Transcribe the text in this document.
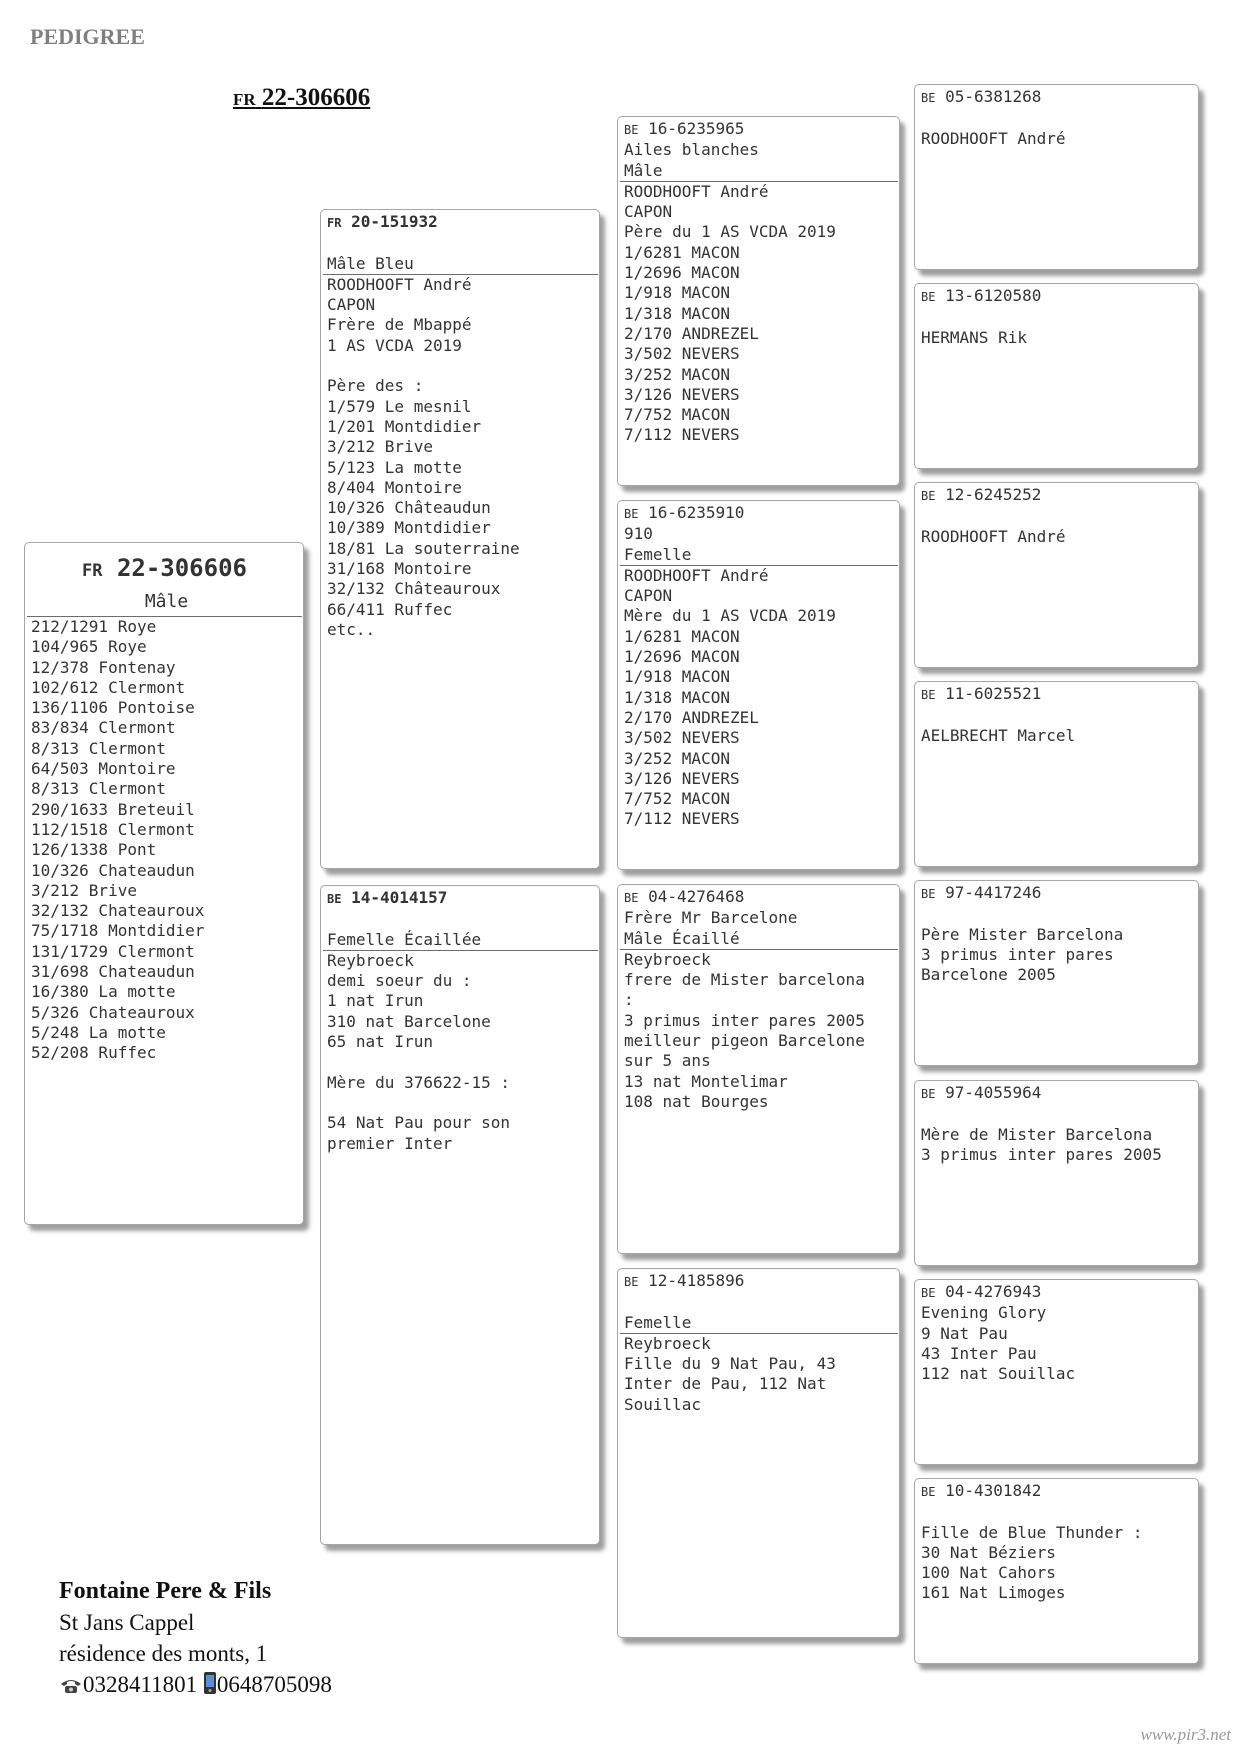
PEDIGREE
FR 22-306606
FR 22-306606
Mâle
212/1291 Roye
104/965 Roye
12/378 Fontenay
102/612 Clermont
136/1106 Pontoise
83/834 Clermont
8/313 Clermont
64/503 Montoire
8/313 Clermont
290/1633 Breteuil
112/1518 Clermont
126/1338 Pont
10/326 Chateaudun
3/212 Brive
32/132 Chateauroux
75/1718 Montdidier
131/1729 Clermont
31/698 Chateaudun
16/380 La motte
5/326 Chateauroux
5/248 La motte
52/208 Ruffec
FR 20-151932
Mâle Bleu
ROODHOOFT André
CAPON
Frère de Mbappé
1 AS VCDA 2019
Père des :
1/579 Le mesnil
1/201 Montdidier
3/212 Brive
5/123 La motte
8/404 Montoire
10/326 Châteaudun
10/389 Montdidier
18/81 La souterraine
31/168 Montoire
32/132 Châteauroux
66/411 Ruffec
etc..
BE 14-4014157
Femelle Écaillée
Reybroeck
demi soeur du :
1 nat Irun
310 nat Barcelone
65 nat Irun
Mère du 376622-15 :
54 Nat Pau pour son
premier Inter
BE 16-6235965
Ailes blanches
Mâle
ROODHOOFT André
CAPON
Père du 1 AS VCDA 2019
1/6281 MACON
1/2696 MACON
1/918 MACON
1/318 MACON
2/170 ANDREZEL
3/502 NEVERS
3/252 MACON
3/126 NEVERS
7/752 MACON
7/112 NEVERS
BE 16-6235910
910
Femelle
ROODHOOFT André
CAPON
Mère du 1 AS VCDA 2019
1/6281 MACON
1/2696 MACON
1/918 MACON
1/318 MACON
2/170 ANDREZEL
3/502 NEVERS
3/252 MACON
3/126 NEVERS
7/752 MACON
7/112 NEVERS
BE 04-4276468
Frère Mr Barcelone
Mâle Écaillé
Reybroeck
frere de Mister barcelona
:
3 primus inter pares 2005
meilleur pigeon Barcelone
sur 5 ans
13 nat Montelimar
108 nat Bourges
BE 12-4185896
Femelle
Reybroeck
Fille du 9 Nat Pau, 43
Inter de Pau, 112 Nat
Souillac
BE 05-6381268
ROODHOOFT André
BE 13-6120580
HERMANS Rik
BE 12-6245252
ROODHOOFT André
BE 11-6025521
AELBRECHT Marcel
BE 97-4417246
Père Mister Barcelona
3 primus inter pares
Barcelone 2005
BE 97-4055964
Mère de Mister Barcelona
3 primus inter pares 2005
BE 04-4276943
Evening Glory
9 Nat Pau
43 Inter Pau
112 nat Souillac
BE 10-4301842
Fille de Blue Thunder :
30 Nat Béziers
100 Nat Cahors
161 Nat Limoges
Fontaine Pere & Fils
St Jans Cappel
résidence des monts, 1
0328411801 0648705098
www.pir3.net
